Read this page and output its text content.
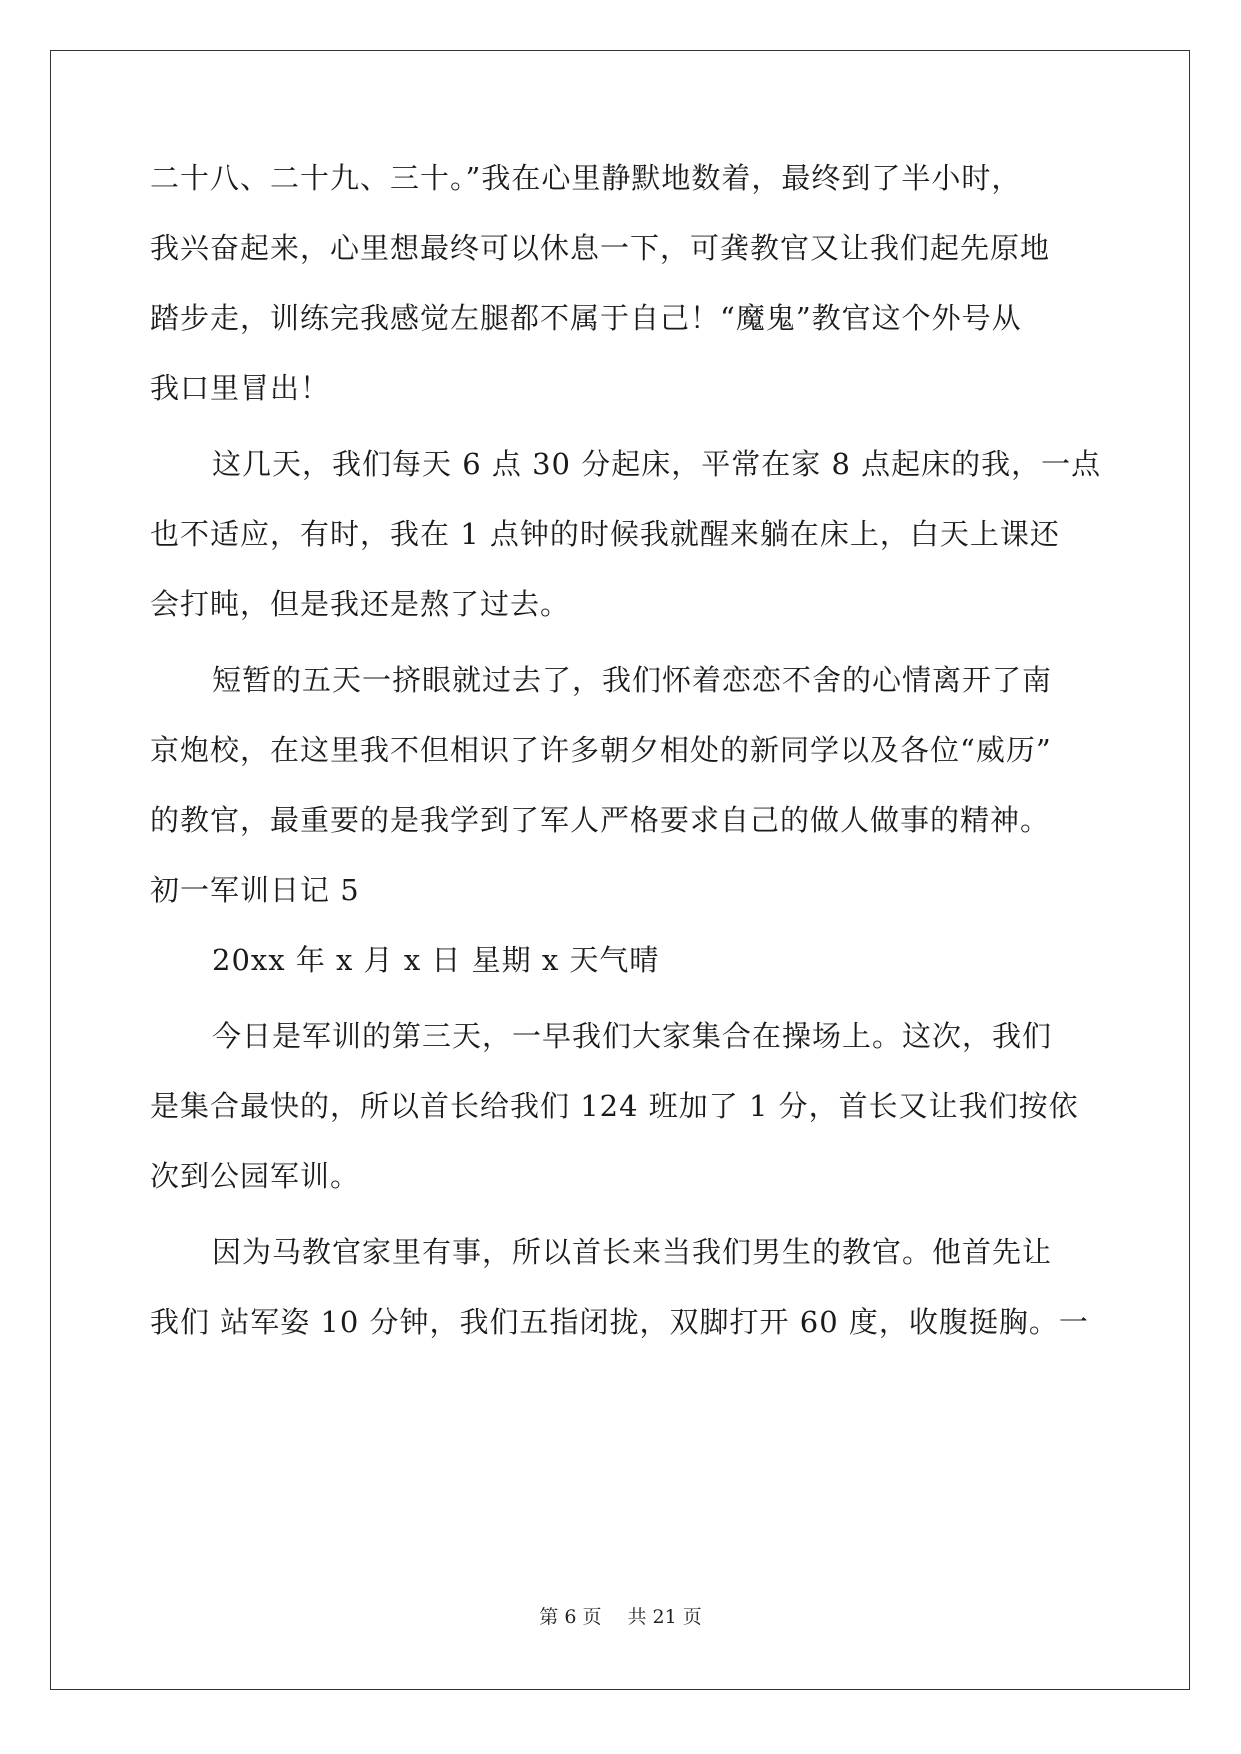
二十八、二十九、三十。”我在心里静默地数着，最终到了半小时，
我兴奋起来，心里想最终可以休息一下，可龚教官又让我们起先原地
踏步走，训练完我感觉左腿都不属于自己！“魔鬼”教官这个外号从
我口里冒出！
这几天，我们每天 6 点 30 分起床，平常在家 8 点起床的我，一点
也不适应，有时，我在 1 点钟的时候我就醒来躺在床上，白天上课还
会打盹，但是我还是熬了过去。
短暂的五天一挤眼就过去了，我们怀着恋恋不舍的心情离开了南
京炮校，在这里我不但相识了许多朝夕相处的新同学以及各位“威历”
的教官，最重要的是我学到了军人严格要求自己的做人做事的精神。
初一军训日记 5
20xx 年 x 月 x 日 星期 x 天气晴
今日是军训的第三天，一早我们大家集合在操场上。这次，我们
是集合最快的，所以首长给我们 124 班加了 1 分，首长又让我们按依
次到公园军训。
因为马教官家里有事，所以首长来当我们男生的教官。他首先让
我们 站军姿 10 分钟，我们五指闭拢，双脚打开 60 度，收腹挺胸。一
第 6 页 共 21 页
